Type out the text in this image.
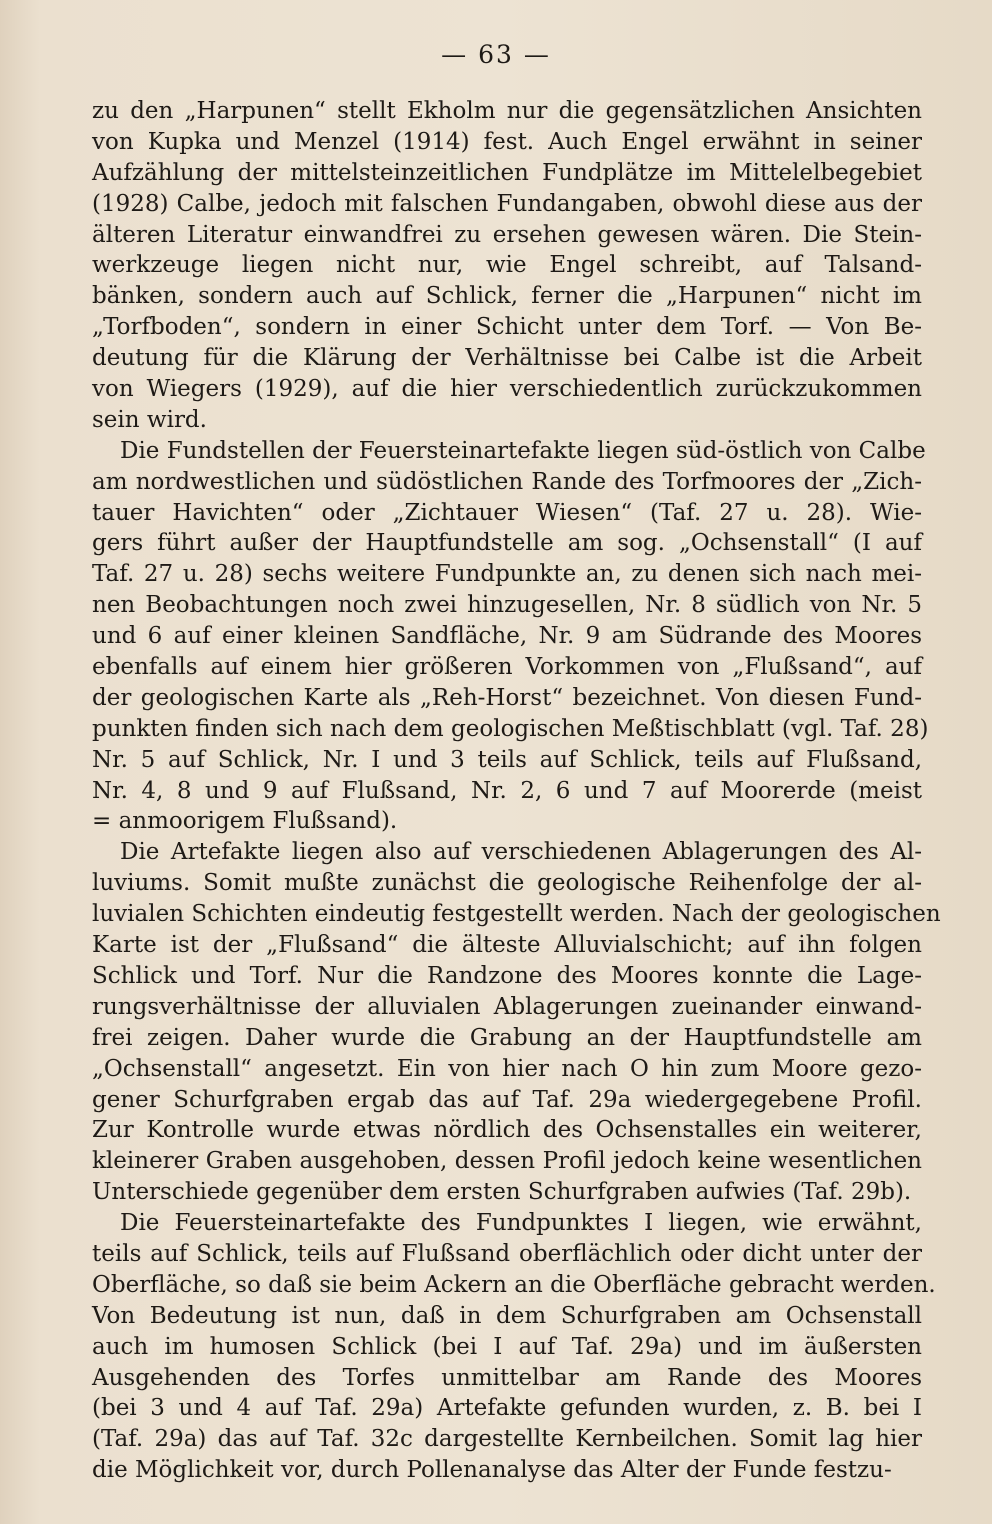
— 63 —
zu den „Harpunen“ stellt Ekholm nur die gegensätzlichen Ansichten
von Kupka und Menzel (1914) fest. Auch Engel erwähnt in seiner
Aufzählung der mittelsteinzeitlichen Fundplätze im Mittelelbegebiet
(1928) Calbe, jedoch mit falschen Fundangaben, obwohl diese aus der
älteren Literatur einwandfrei zu ersehen gewesen wären. Die Stein-
werkzeuge liegen nicht nur, wie Engel schreibt, auf Talsand-
bänken, sondern auch auf Schlick, ferner die „Harpunen“ nicht im
„Torfboden“, sondern in einer Schicht unter dem Torf. — Von Be-
deutung für die Klärung der Verhältnisse bei Calbe ist die Arbeit
von Wiegers (1929), auf die hier verschiedentlich zurückzukommen
sein wird.
Die Fundstellen der Feuersteinartefakte liegen süd-östlich von Calbe
am nordwestlichen und südöstlichen Rande des Torfmoores der „Zich-
tauer Havichten“ oder „Zichtauer Wiesen“ (Taf. 27 u. 28). Wie-
gers führt außer der Hauptfundstelle am sog. „Ochsenstall“ (I auf
Taf. 27 u. 28) sechs weitere Fundpunkte an, zu denen sich nach mei-
nen Beobachtungen noch zwei hinzugesellen, Nr. 8 südlich von Nr. 5
und 6 auf einer kleinen Sandfläche, Nr. 9 am Südrande des Moores
ebenfalls auf einem hier größeren Vorkommen von „Flußsand“, auf
der geologischen Karte als „Reh-Horst“ bezeichnet. Von diesen Fund-
punkten finden sich nach dem geologischen Meßtischblatt (vgl. Taf. 28)
Nr. 5 auf Schlick, Nr. I und 3 teils auf Schlick, teils auf Flußsand,
Nr. 4, 8 und 9 auf Flußsand, Nr. 2, 6 und 7 auf Moorerde (meist
= anmoorigem Flußsand).
Die Artefakte liegen also auf verschiedenen Ablagerungen des Al-
luviums. Somit mußte zunächst die geologische Reihenfolge der al-
luvialen Schichten eindeutig festgestellt werden. Nach der geologischen
Karte ist der „Flußsand“ die älteste Alluvialschicht; auf ihn folgen
Schlick und Torf. Nur die Randzone des Moores konnte die Lage-
rungsverhältnisse der alluvialen Ablagerungen zueinander einwand-
frei zeigen. Daher wurde die Grabung an der Hauptfundstelle am
„Ochsenstall“ angesetzt. Ein von hier nach O hin zum Moore gezo-
gener Schurfgraben ergab das auf Taf. 29a wiedergegebene Profil.
Zur Kontrolle wurde etwas nördlich des Ochsenstalles ein weiterer,
kleinerer Graben ausgehoben, dessen Profil jedoch keine wesentlichen
Unterschiede gegenüber dem ersten Schurfgraben aufwies (Taf. 29b).
Die Feuersteinartefakte des Fundpunktes I liegen, wie erwähnt,
teils auf Schlick, teils auf Flußsand oberflächlich oder dicht unter der
Oberfläche, so daß sie beim Ackern an die Oberfläche gebracht werden.
Von Bedeutung ist nun, daß in dem Schurfgraben am Ochsenstall
auch im humosen Schlick (bei I auf Taf. 29a) und im äußersten
Ausgehenden des Torfes unmittelbar am Rande des Moores
(bei 3 und 4 auf Taf. 29a) Artefakte gefunden wurden, z. B. bei I
(Taf. 29a) das auf Taf. 32c dargestellte Kernbeilchen. Somit lag hier
die Möglichkeit vor, durch Pollenanalyse das Alter der Funde festzu-
